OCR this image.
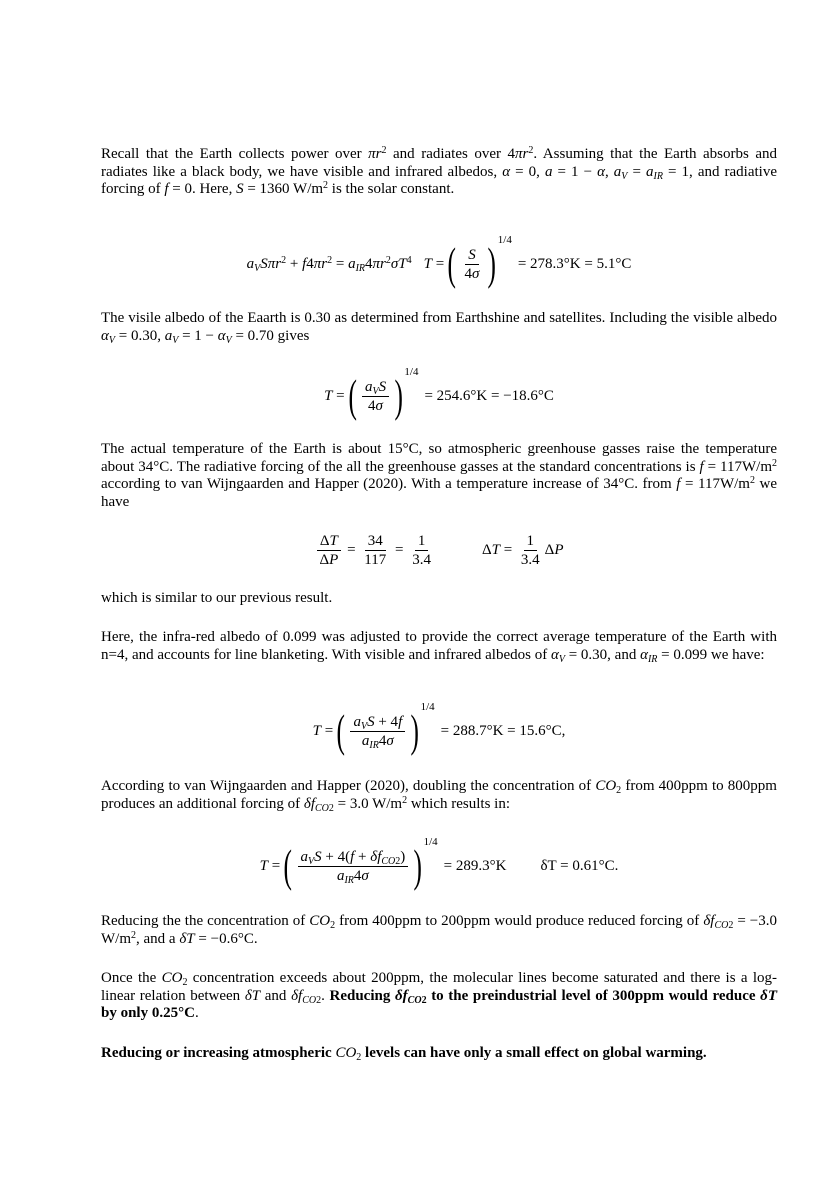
Recall that the Earth collects power over $\pi r^2$ and radiates over $4\pi r^2$. Assuming that the Earth absorbs and radiates like a black body, we have visible and infrared albedos, α = 0, a = 1 − α, $a_V = a_{IR} = 1$, and radiative forcing of f = 0. Here, S = 1360 $W/m^2$ is the solar constant.

$a_VS\pi r^2 + f4\pi r^2 = a_{IR}4\pi r^2\sigma T^4$ T = ( $\frac{S}{4\sigma}$ ) 1/4
= 278.3°K = 5.1°C

The visile albedo of the Eaarth is 0.30 as determined from Earthshine and satellites. Including the visible albedo $\alpha_V = 0.30$, $a_V = 1 - \alpha_V = 0.70$ gives

T = ( $\frac{a_VS}{4\sigma}$ ) 1/4
= 254.6°K = −18.6°C

The actual temperature of the Earth is about 15°C, so atmospheric greenhouse gasses raise the temperature about 34°C. The radiative forcing of the all the greenhouse gasses at the standard concentrations is $f = 117W/m^2$ according to van Wijngaarden and Happer (2020). With a temperature increase of 34°C. from $f = 117W/m^2$ we have

$\frac{\Delta T}{\Delta P} = \frac{34}{117} = \frac{1}{3.4}$	Δ $T = \frac{1}{3.4}$ Δ P

which is similar to our previous result.

Here, the infra-red albedo of 0.099 was adjusted to provide the correct average temperature of the Earth with n=4, and accounts for line blanketing. With visible and infrared albedos of $\alpha_V = 0.30$, and $\alpha_{IR} = 0.099$ we have:

T = ( $\frac{a_VS + 4f}{a_{IR}4\sigma}$ ) 1/4
= 288.7°K = 15.6°C,

According to van Wijngaarden and Happer (2020), doubling the concentration of $CO_2$ from 400ppm to 800ppm produces an additional forcing of $\delta f_{CO2} = 3.0$ $W/m^2$ which results in:

T = ( $\frac{a_VS + 4(f + \delta f_{CO2})}{a_{IR}4\sigma}$ ) 1/4
= 289.3°K δT = 0.61°C.

Reducing the the concentration of $CO_2$ from 400ppm to 200ppm would produce reduced forcing of $\delta f_{CO2} = -3.0$ $W/m^2$, and a δT = −0.6°C.

Once the $CO_2$ concentration exceeds about 200ppm, the molecular lines become saturated and there is a log-linear relation between δT and $\delta f_{CO2}$. Reducing $\delta f_{CO2}$ to the preindustrial level of 300ppm would reduce δT by only 0.25°C.

Reducing or increasing atmospheric $CO_2$ levels can have only a small effect on global warming.
